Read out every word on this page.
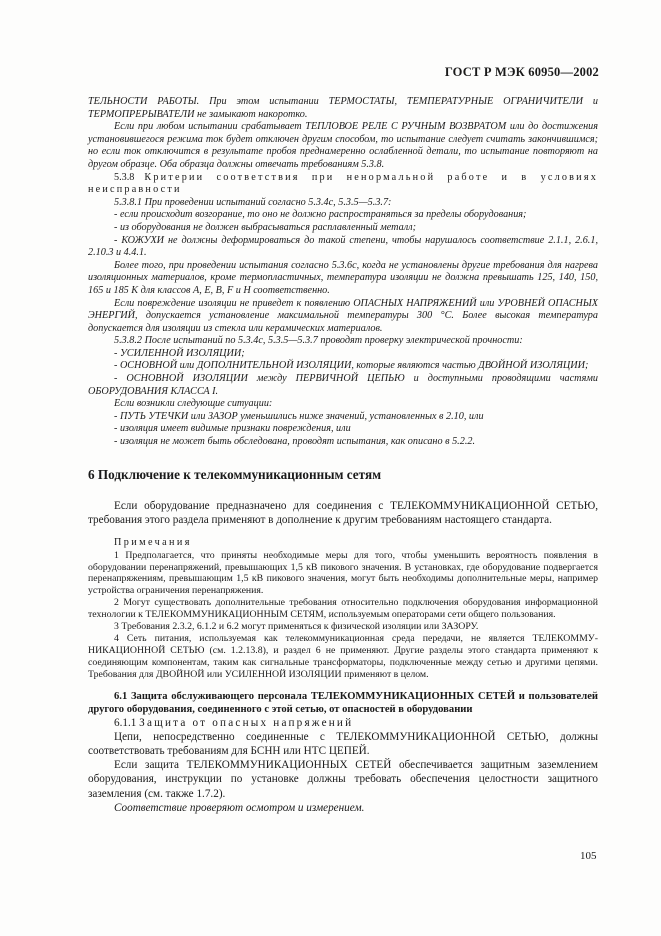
ГОСТ Р МЭК 60950—2002

ТЕЛЬНОСТИ РАБОТЫ. При этом испытании ТЕРМОСТАТЫ, ТЕМПЕРАТУРНЫЕ ОГРАНИЧИТЕЛИ и ТЕРМОПРЕРЫВАТЕЛИ не замыкают накоротко.

Если при любом испытании срабатывает ТЕПЛОВОЕ РЕЛЕ С РУЧНЫМ ВОЗВРАТОМ или до достижения установившегося режима ток будет отключен другим способом, то испытание следует считать закончившимся; но если ток отключится в результате пробоя преднамеренно ослабленной детали, то испытание повторяют на другом образце. Оба образца должны отвечать требованиям 5.3.8.

5.3.8 Критерии соответствия при ненормальной работе и в условиях неисправности

5.3.8.1 При проведении испытаний согласно 5.3.4c, 5.3.5—5.3.7:

- если происходит возгорание, то оно не должно распространяться за пределы оборудования;

- из оборудования не должен выбрасываться расплавленный металл;

- КОЖУХИ не должны деформироваться до такой степени, чтобы нарушалось соответствие 2.1.1, 2.6.1, 2.10.3 и 4.4.1.

Более того, при проведении испытания согласно 5.3.6c, когда не установлены другие требования для нагрева изоляционных материалов, кроме термопластичных, температура изоляции не должна превышать 125, 140, 150, 165 и 185 K для классов A, E, B, F и H соответственно.

Если повреждение изоляции не приведет к появлению ОПАСНЫХ НАПРЯЖЕНИЙ или УРОВНЕЙ ОПАСНЫХ ЭНЕРГИЙ, допускается установление максимальной температуры 300 °С. Более высокая температура допускается для изоляции из стекла или керамических материалов.

5.3.8.2 После испытаний по 5.3.4c, 5.3.5—5.3.7 проводят проверку электрической прочности:

- УСИЛЕННОЙ ИЗОЛЯЦИИ;

- ОСНОВНОЙ или ДОПОЛНИТЕЛЬНОЙ ИЗОЛЯЦИИ, которые являются частью ДВОЙНОЙ ИЗОЛЯЦИИ;

- ОСНОВНОЙ ИЗОЛЯЦИИ между ПЕРВИЧНОЙ ЦЕПЬЮ и доступными проводящими частями ОБОРУДОВАНИЯ КЛАССА I.

Если возникли следующие ситуации:

- ПУТЬ УТЕЧКИ или ЗАЗОР уменьшились ниже значений, установленных в 2.10, или

- изоляция имеет видимые признаки повреждения, или

- изоляция не может быть обследована, проводят испытания, как описано в 5.2.2.

6 Подключение к телекоммуникационным сетям

Если оборудование предназначено для соединения с ТЕЛЕКОММУНИКАЦИОННОЙ СЕТЬЮ, требования этого раздела применяют в дополнение к другим требованиям настоящего стандарта.

Примечания

1 Предполагается, что приняты необходимые меры для того, чтобы уменьшить вероятность появления в оборудовании перенапряжений, превышающих 1,5 кВ пикового значения. В установках, где оборудование подвергается перенапряжениям, превышающим 1,5 кВ пикового значения, могут быть необходимы дополнительные меры, например устройства ограничения перенапряжения.

2 Могут существовать дополнительные требования относительно подключения оборудования информационной технологии к ТЕЛЕКОММУНИКАЦИОННЫМ СЕТЯМ, используемым операторами сети общего пользования.

3 Требования 2.3.2, 6.1.2 и 6.2 могут применяться к физической изоляции или ЗАЗОРУ.

4 Сеть питания, используемая как телекоммуникационная среда передачи, не является ТЕЛЕКОММУНИКАЦИОННОЙ СЕТЬЮ (см. 1.2.13.8), и раздел 6 не применяют. Другие разделы этого стандарта применяют к соединяющим компонентам, таким как сигнальные трансформаторы, подключенные между сетью и другими цепями. Требования для ДВОЙНОЙ или УСИЛЕННОЙ ИЗОЛЯЦИИ применяют в целом.

6.1 Защита обслуживающего персонала ТЕЛЕКОММУНИКАЦИОННЫХ СЕТЕЙ и пользователей другого оборудования, соединенного с этой сетью, от опасностей в оборудовании

6.1.1 Защита от опасных напряжений

Цепи, непосредственно соединенные с ТЕЛЕКОММУНИКАЦИОННОЙ СЕТЬЮ, должны соответствовать требованиям для БСНН или НТС ЦЕПЕЙ.

Если защита ТЕЛЕКОММУНИКАЦИОННЫХ СЕТЕЙ обеспечивается защитным заземлением оборудования, инструкции по установке должны требовать обеспечения целостности защитного заземления (см. также 1.7.2).

Соответствие проверяют осмотром и измерением.

105
